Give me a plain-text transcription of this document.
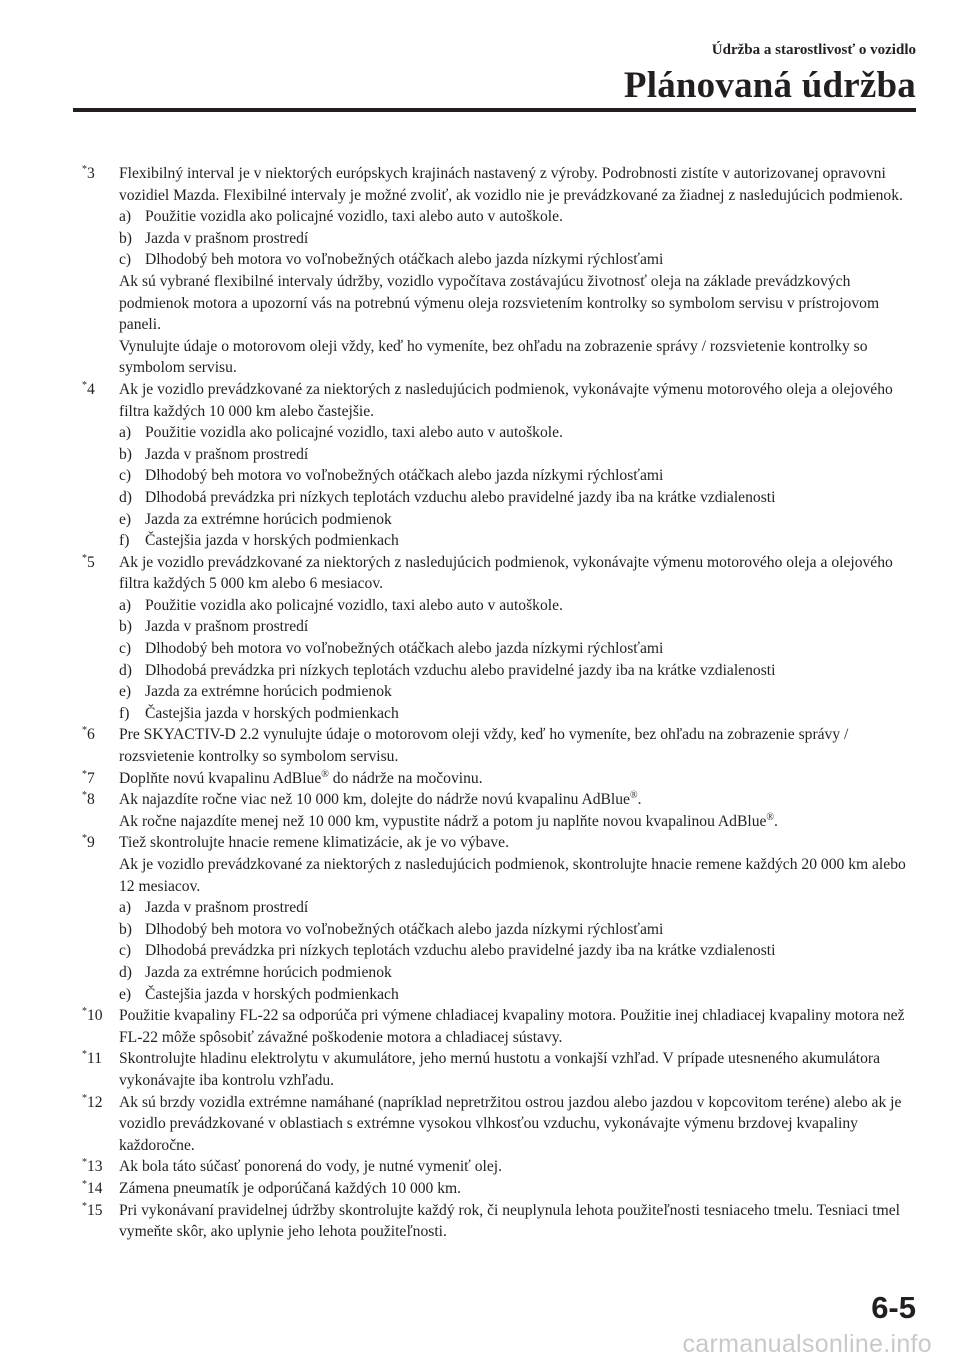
Údržba a starostlivosť o vozidlo
Plánovaná údržba
*3 Flexibilný interval je v niektorých európskych krajinách nastavený z výroby. Podrobnosti zistíte v autorizovanej opravovni vozidiel Mazda. Flexibilné intervaly je možné zvoliť, ak vozidlo nie je prevádzkované za žiadnej z nasledujúcich podmienok.
a) Použitie vozidla ako policajné vozidlo, taxi alebo auto v autoškole.
b) Jazda v prašnom prostredí
c) Dlhodobý beh motora vo voľnobežných otáčkach alebo jazda nízkymi rýchlosťami
Ak sú vybrané flexibilné intervaly údržby, vozidlo vypočítava zostávajúcu životnosť oleja na základe prevádzkových podmienok motora a upozorní vás na potrebnú výmenu oleja rozsvietením kontrolky so symbolom servisu v prístrojovom paneli.
Vynulujte údaje o motorovom oleji vždy, keď ho vymeníte, bez ohľadu na zobrazenie správy / rozsvietenie kontrolky so symbolom servisu.
*4 Ak je vozidlo prevádzkované za niektorých z nasledujúcich podmienok, vykonávajte výmenu motorového oleja a olejového filtra každých 10 000 km alebo častejšie.
a) Použitie vozidla ako policajné vozidlo, taxi alebo auto v autoškole.
b) Jazda v prašnom prostredí
c) Dlhodobý beh motora vo voľnobežných otáčkach alebo jazda nízkymi rýchlosťami
d) Dlhodobá prevádzka pri nízkych teplotách vzduchu alebo pravidelné jazdy iba na krátke vzdialenosti
e) Jazda za extrémne horúcich podmienok
f) Častejšia jazda v horských podmienkach
*5 Ak je vozidlo prevádzkované za niektorých z nasledujúcich podmienok, vykonávajte výmenu motorového oleja a olejového filtra každých 5 000 km alebo 6 mesiacov.
a) Použitie vozidla ako policajné vozidlo, taxi alebo auto v autoškole.
b) Jazda v prašnom prostredí
c) Dlhodobý beh motora vo voľnobežných otáčkach alebo jazda nízkymi rýchlosťami
d) Dlhodobá prevádzka pri nízkych teplotách vzduchu alebo pravidelné jazdy iba na krátke vzdialenosti
e) Jazda za extrémne horúcich podmienok
f) Častejšia jazda v horských podmienkach
*6 Pre SKYACTIV-D 2.2 vynulujte údaje o motorovom oleji vždy, keď ho vymeníte, bez ohľadu na zobrazenie správy / rozsvietenie kontrolky so symbolom servisu.
*7 Doplňte novú kvapalinu AdBlue® do nádrže na močovinu.
*8 Ak najazdíte ročne viac než 10 000 km, dolejte do nádrže novú kvapalinu AdBlue®.
Ak ročne najazdíte menej než 10 000 km, vypustite nádrž a potom ju naplňte novou kvapalinou AdBlue®.
*9 Tiež skontrolujte hnacie remene klimatizácie, ak je vo výbave.
Ak je vozidlo prevádzkované za niektorých z nasledujúcich podmienok, skontrolujte hnacie remene každých 20 000 km alebo 12 mesiacov.
a) Jazda v prašnom prostredí
b) Dlhodobý beh motora vo voľnobežných otáčkach alebo jazda nízkymi rýchlosťami
c) Dlhodobá prevádzka pri nízkych teplotách vzduchu alebo pravidelné jazdy iba na krátke vzdialenosti
d) Jazda za extrémne horúcich podmienok
e) Častejšia jazda v horských podmienkach
*10 Použitie kvapaliny FL-22 sa odporúča pri výmene chladiacej kvapaliny motora. Použitie inej chladiacej kvapaliny motora než FL-22 môže spôsobiť závažné poškodenie motora a chladiacej sústavy.
*11 Skontrolujte hladinu elektrolytu v akumulátore, jeho mernú hustotu a vonkajší vzhľad. V prípade utesneného akumulátora vykonávajte iba kontrolu vzhľadu.
*12 Ak sú brzdy vozidla extrémne namáhané (napríklad nepretržitou ostrou jazdou alebo jazdou v kopcovitom teréne) alebo ak je vozidlo prevádzkované v oblastiach s extrémne vysokou vlhkosťou vzduchu, vykonávajte výmenu brzdovej kvapaliny každoročne.
*13 Ak bola táto súčasť ponorená do vody, je nutné vymeniť olej.
*14 Zámena pneumatík je odporúčaná každých 10 000 km.
*15 Pri vykonávaní pravidelnej údržby skontrolujte každý rok, či neuplynula lehota použiteľnosti tesniaceho tmelu. Tesniaci tmel vymeňte skôr, ako uplynie jeho lehota použiteľnosti.
6-5
carmanualsonline.info
